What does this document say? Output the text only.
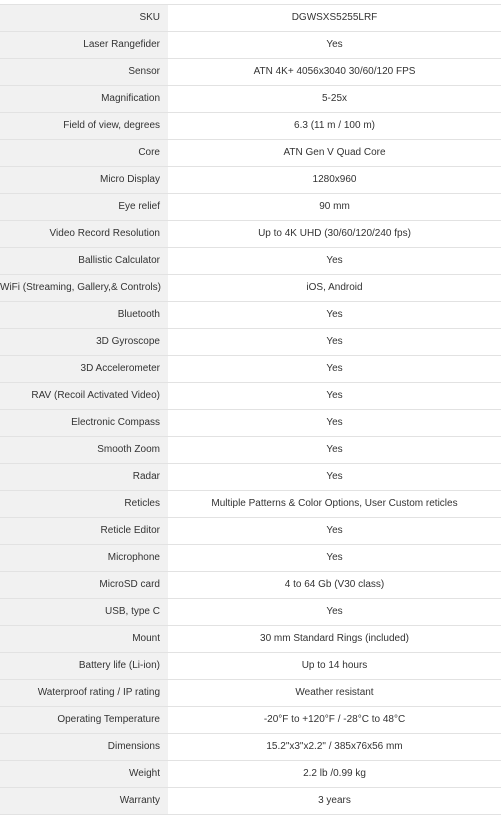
SKU	DGWSXS5255LRF
Laser Rangefider	Yes
Sensor	ATN 4K+ 4056x3040 30/60/120 FPS
Magnification	5-25x
Field of view, degrees	6.3 (11 m / 100 m)
Core	ATN Gen V Quad Core
Micro Display	1280x960
Eye relief	90 mm
Video Record Resolution	Up to 4K UHD (30/60/120/240 fps)
Ballistic Calculator	Yes
WiFi (Streaming, Gallery,& Controls)	iOS, Android
Bluetooth	Yes
3D Gyroscope	Yes
3D Accelerometer	Yes
RAV (Recoil Activated Video)	Yes
Electronic Compass	Yes
Smooth Zoom	Yes
Radar	Yes
Reticles	Multiple Patterns & Color Options, User Custom reticles
Reticle Editor	Yes
Microphone	Yes
MicroSD card	4 to 64 Gb (V30 class)
USB, type C	Yes
Mount	30 mm Standard Rings (included)
Battery life (Li-ion)	Up to 14 hours
Waterproof rating / IP rating	Weather resistant
Operating Temperature	-20°F to +120°F / -28°C to 48°C
Dimensions	15.2"x3"x2.2" / 385x76x56 mm
Weight	2.2 lb /0.99 kg
Warranty	3 years
